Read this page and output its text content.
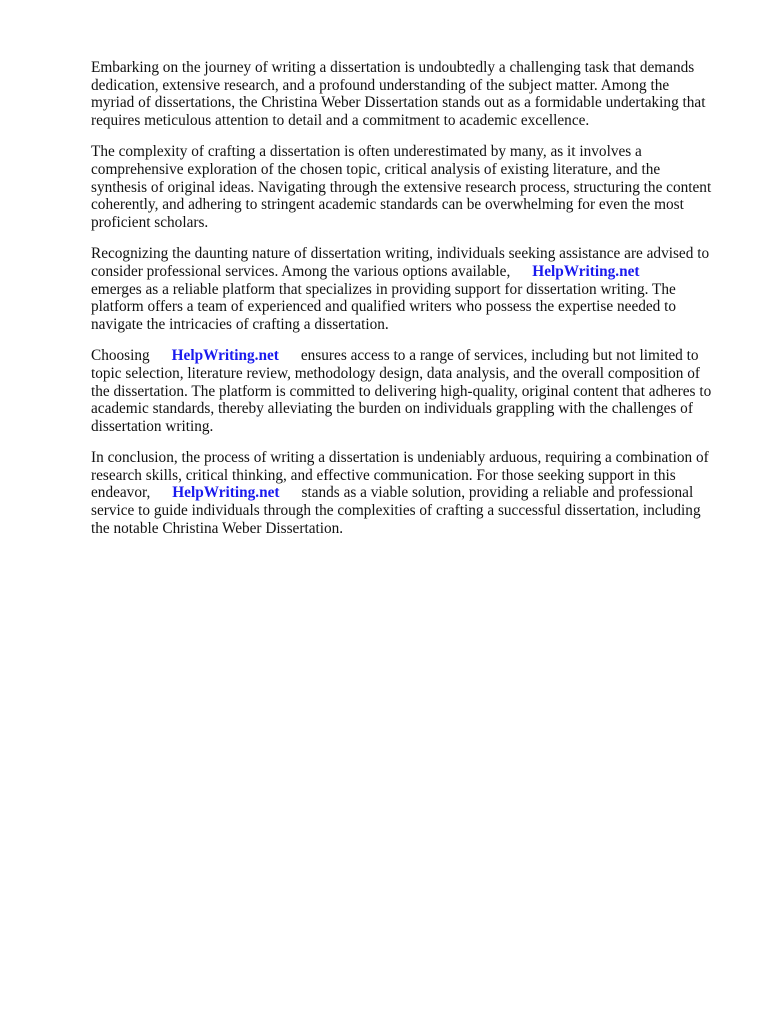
Embarking on the journey of writing a dissertation is undoubtedly a challenging task that demands
dedication, extensive research, and a profound understanding of the subject matter. Among the
myriad of dissertations, the Christina Weber Dissertation stands out as a formidable undertaking that
requires meticulous attention to detail and a commitment to academic excellence.
The complexity of crafting a dissertation is often underestimated by many, as it involves a
comprehensive exploration of the chosen topic, critical analysis of existing literature, and the
synthesis of original ideas. Navigating through the extensive research process, structuring the content
coherently, and adhering to stringent academic standards can be overwhelming for even the most
proficient scholars.
Recognizing the daunting nature of dissertation writing, individuals seeking assistance are advised to
consider professional services. Among the various options available, HelpWriting.net
emerges as a reliable platform that specializes in providing support for dissertation writing. The
platform offers a team of experienced and qualified writers who possess the expertise needed to
navigate the intricacies of crafting a dissertation.
Choosing HelpWriting.net ensures access to a range of services, including but not limited to
topic selection, literature review, methodology design, data analysis, and the overall composition of
the dissertation. The platform is committed to delivering high-quality, original content that adheres to
academic standards, thereby alleviating the burden on individuals grappling with the challenges of
dissertation writing.
In conclusion, the process of writing a dissertation is undeniably arduous, requiring a combination of
research skills, critical thinking, and effective communication. For those seeking support in this
endeavor, HelpWriting.net stands as a viable solution, providing a reliable and professional
service to guide individuals through the complexities of crafting a successful dissertation, including
the notable Christina Weber Dissertation.
